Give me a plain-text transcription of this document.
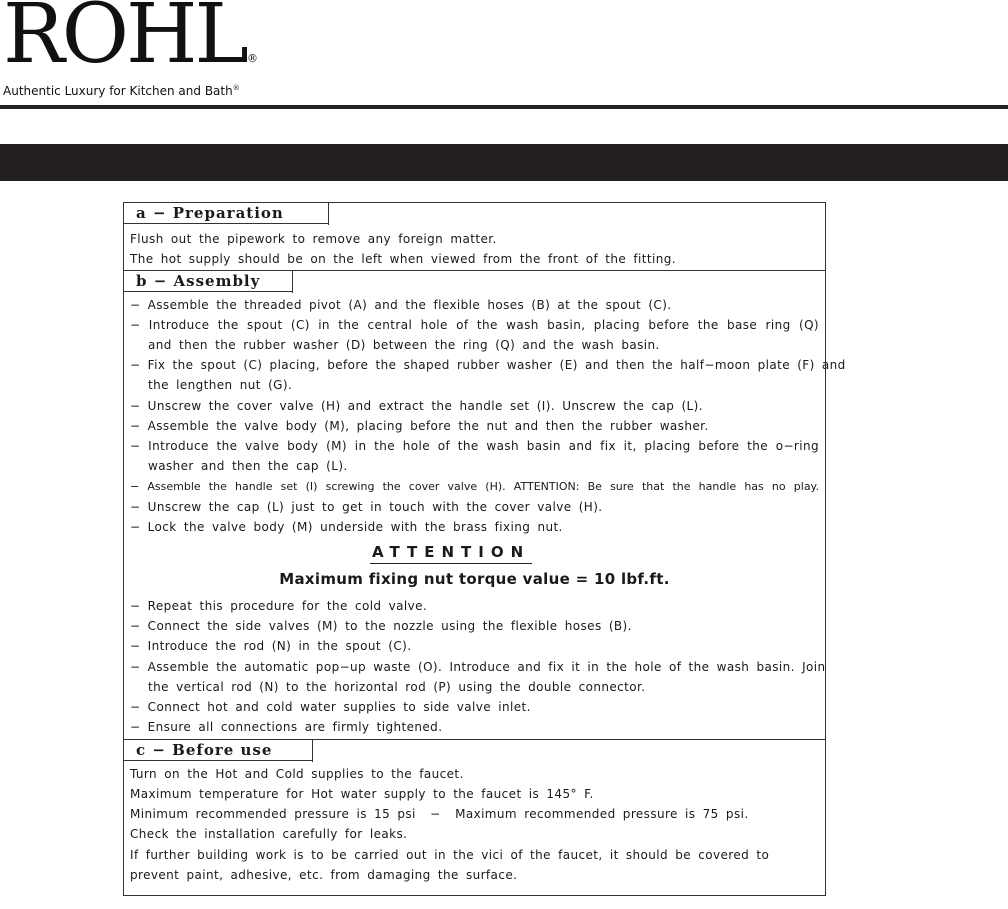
ROHL®
Authentic Luxury for Kitchen and Bath®
a − Preparation
Flush out the pipework to remove any foreign matter.
The hot supply should be on the left when viewed from the front of the fitting.
b − Assembly
− Assemble the threaded pivot (A) and the flexible hoses (B) at the spout (C).
− Introduce the spout (C) in the central hole of the wash basin, placing before the base ring (Q)
and then the rubber washer (D) between the ring (Q) and the wash basin.
− Fix the spout (C) placing, before the shaped rubber washer (E) and then the half−moon plate (F) and
the lengthen nut (G).
− Unscrew the cover valve (H) and extract the handle set (I). Unscrew the cap (L).
− Assemble the valve body (M), placing before the nut and then the rubber washer.
− Introduce the valve body (M) in the hole of the wash basin and fix it, placing before the o−ring
washer and then the cap (L).
− Assemble the handle set (I) screwing the cover valve (H). ATTENTION: Be sure that the handle has no play.
− Unscrew the cap (L) just to get in touch with the cover valve (H).
− Lock the valve body (M) underside with the brass fixing nut.
ATTENTION
Maximum fixing nut torque value = 10 lbf.ft.
− Repeat this procedure for the cold valve.
− Connect the side valves (M) to the nozzle using the flexible hoses (B).
− Introduce the rod (N) in the spout (C).
− Assemble the automatic pop−up waste (O). Introduce and fix it in the hole of the wash basin. Join
the vertical rod (N) to the horizontal rod (P) using the double connector.
− Connect hot and cold water supplies to side valve inlet.
− Ensure all connections are firmly tightened.
c − Before use
Turn on the Hot and Cold supplies to the faucet.
Maximum temperature for Hot water supply to the faucet is 145° F.
Minimum recommended pressure is 15 psi  −  Maximum recommended pressure is 75 psi.
Check the installation carefully for leaks.
If further building work is to be carried out in the vici of the faucet, it should be covered to
prevent paint, adhesive, etc. from damaging the surface.
